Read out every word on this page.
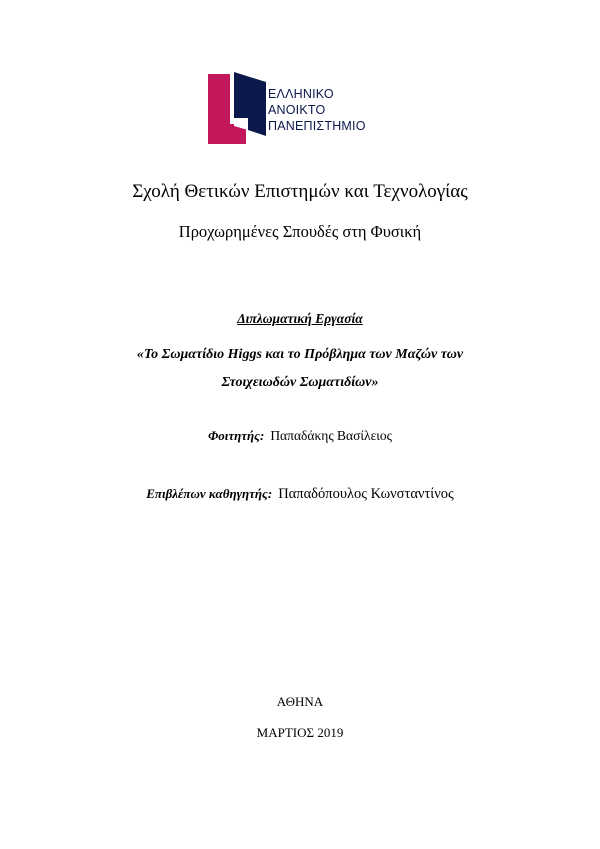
ΕΛΛΗΝΙΚΟ
ΑΝΟΙΚΤΟ
ΠΑΝΕΠΙΣΤΗΜΙΟ
Σχολή Θετικών Επιστημών και Τεχνολογίας
Προχωρημένες Σπουδές στη Φυσική
Διπλωματική Εργασία
«Το Σωματίδιο Higgs και το Πρόβλημα των Μαζών των
Στοιχειωδών Σωματιδίων»
Φοιτητής: Παπαδάκης Βασίλειος
Επιβλέπων καθηγητής: Παπαδόπουλος Κωνσταντίνος
ΑΘΗΝΑ
ΜΑΡΤΙΟΣ 2019
